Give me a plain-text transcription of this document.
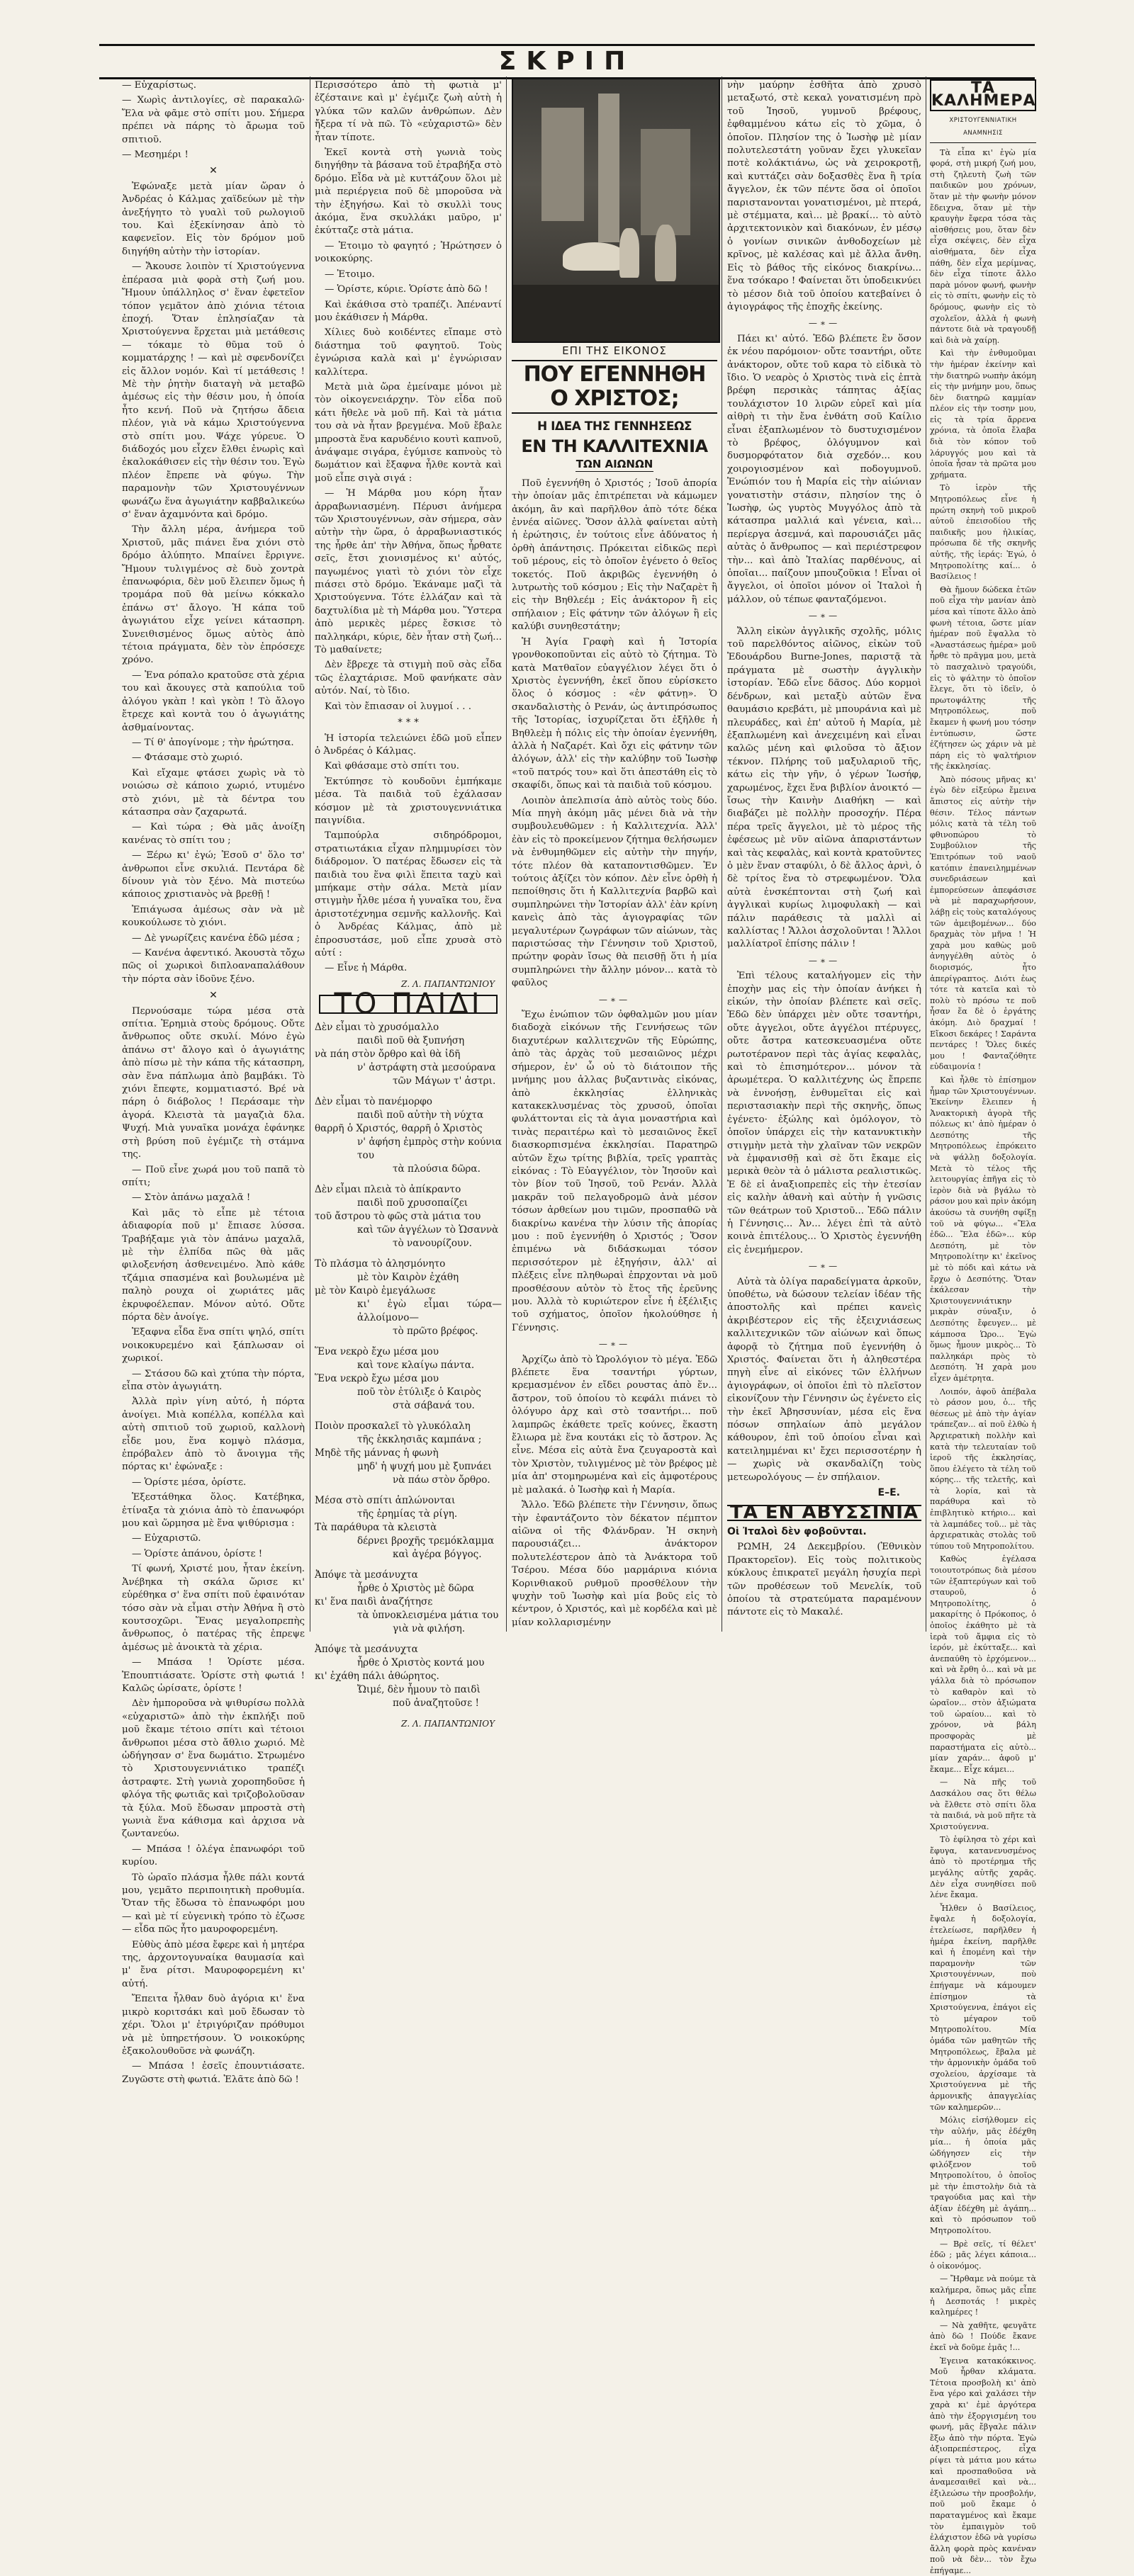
ΣΚΡΙΠ

— Εὐχαρίστως.

— Χωρὶς ἀντιλογίες, σὲ παρακαλῶ· Ἔλα νὰ φᾶμε στὸ σπίτι μου. Σήμερα πρέπει νὰ πάρης τὸ ἄρωμα τοῦ σπιτιοῦ.

— Μεσημέρι !

✕

Ἐφώναξε μετὰ μίαν ὥραν ὁ Ἀνδρέας ὁ Κάλμας χαϊδεύων μὲ τὴν ἀνεξήγητο τὸ γυαλὶ τοῦ ρωλογιοῦ του. Καὶ ἐξεκίνησαν ἀπὸ τὸ καφενεῖον. Εἰς τὸν δρόμον μοῦ διηγήθη αὐτὴν τὴν ἱστορίαν.

— Ἄκουσε λοιπὸν τί Χριστούγεννα ἐπέρασα μιὰ φορὰ στὴ ζωή μου. Ἤμουν ὑπάλληλος σ' ἕναν ἐφετεῖον τόπον γεμᾶτον ἀπὸ χιόνια τέτοια ἐποχή. Ὅταν ἐπλησίαζαν τὰ Χριστούγεννα ἔρχεται μιὰ μετάθεσις — τόκαμε τὸ θῦμα τοῦ ὁ κομματάρχης ! — καὶ μὲ σφενδονίζει εἰς ἄλλον νομόν. Καὶ τί μετάθεσις ! Μὲ τὴν ῥητὴν διαταγὴ νὰ μεταβῶ ἀμέσως εἰς τὴν θέσιν μου, ἡ ὁποία ἦτο κενή. Ποῦ νὰ ζητήσω ἄδεια πλέον, γιὰ νὰ κάμω Χριστούγεννα στὸ σπίτι μου. Ψάχε γύρευε. Ὁ διάδοχός μου εἶχεν ἔλθει ἐνωρὶς καὶ ἐκαλοκάθισεν εἰς τὴν θέσιν του. Ἐγὼ πλέον ἔπρεπε νὰ φύγω. Τὴν παραμονὴν τῶν Χριστουγέννων φωνάζω ἕνα ἀγωγιάτην καββαλικεύω σ' ἕναν ἀχαμνόντα καὶ δρόμο.

Τὴν ἄλλη μέρα, ἀνήμερα τοῦ Χριστοῦ, μᾶς πιάνει ἕνα χιόνι στὸ δρόμο ἀλύπητο. Μπαίνει ἔρριγνε. Ἤμουν τυλιγμένος σὲ δυὸ χοντρὰ ἐπανωφόρια, δὲν μοῦ ἔλειπεν ὅμως ἡ τρομάρα ποῦ θὰ μείνω κόκκαλο ἐπάνω στ' ἄλογο. Ἡ κάπα τοῦ ἀγωγιάτου εἶχε γείνει κάτασπρη. Συνειθισμένος ὅμως αὐτὸς ἀπὸ τέτοια πράγματα, δὲν τὸν ἐπρόσεχε χρόνο.

— Ἐνα ρόπαλο κρατοῦσε στὰ χέρια του καὶ ἄκουγες στὰ καπούλια τοῦ ἀλόγου γκὰπ ! καὶ γκὸπ ! Τὸ ἄλογο ἔτρεχε καὶ κοντὰ του ὁ ἀγωγιάτης ἀσθμαίνοντας.

— Τί θ' ἀπογίνομε ; τὴν ἠρώτησα.

— Φτάσαμε στὸ χωριό.

Καὶ εἴχαμε φτάσει χωρὶς νὰ τὸ νοιώσω σὲ κάποιο χωριό, ντυμένο στὸ χιόνι, μὲ τὰ δέντρα του κάτασπρα σὰν ζαχαρωτά.

— Καὶ τώρα ; Θὰ μᾶς ἀνοίξη κανένας τὸ σπίτι του ;

— Ξέρω κι' ἐγώ; Ἐσοῦ σ' ὅλο τσ' ἀνθρωποι εἶνε σκυλιά. Πεντάρα δὲ δίνουν γιὰ τὸν ξένο. Μὰ πιστεύω κάποιος χριστιανὸς νὰ βρεθῇ !

Ἐπιάγωσα ἀμέσως σὰν νὰ μὲ κουκούλωσε τὸ χιόνι.

— Δὲ γνωρίζεις κανένα ἐδῶ μέσα ;

— Κανένα ἀφεντικό. Ἀκουστὰ τὄχω πῶς οἱ χωρικοὶ διπλοαναπαλάθουν τὴν πόρτα σὰν ἰδοῦνε ξένο.

✕

Περνούσαμε τώρα μέσα στὰ σπίτια. Ἐρημιὰ στοὺς δρόμους. Οὔτε ἄνθρωπος οὔτε σκυλί. Μόνο ἐγὼ ἀπάνω στ' ἄλογο καὶ ὁ ἀγωγιάτης ἀπὸ πίσω μὲ τὴν κάπα τῆς κάτασπρη, σὰν ἕνα πάπλωμα ἀπὸ βαμβάκι. Τὸ χιόνι ἔπεφτε, κομματιαστό. Βρέ νὰ πάρη ὁ διάβολος ! Περάσαμε τὴν ἀγορά. Κλειστὰ τὰ μαγαζιὰ δλα. Ψυχή. Μιὰ γυναῖκα μονάχα ἐφάνηκε στὴ βρύση ποῦ ἐγέμιζε τὴ στάμνα της.

— Ποῦ εἶνε χωρά μου τοῦ παπᾶ τὸ σπίτι;

— Στὸν ἀπάνω μαχαλᾶ !

Καὶ μᾶς τὸ εἶπε μὲ τέτοια ἀδιαφορία ποῦ μ' ἔπιασε λύσσα. Τραβήξαμε γιὰ τὸν ἀπάνω μαχαλᾶ, μὲ τὴν ἐλπίδα πῶς θὰ μᾶς φιλοξενήση ἀσθενειμένο. Ἀπὸ κάθε τζάμια σπασμένα καὶ βουλωμένα μὲ παληὸ ρουχα οἱ χωριάτες μᾶς ἐκρυφοέλεπαν. Μόνον αὐτό. Οὔτε πόρτα δὲν ἀνοίγε.

Ἐξαφνα εἶδα ἕνα σπίτι ψηλό, σπίτι νοικοκυρεμένο καὶ ξάπλωσαν οἱ χωρικοί.

— Στάσου δῶ καὶ χτύπα τὴν πόρτα, εἶπα στὸν ἀγωγιάτη.

Ἀλλὰ πρὶν γίνη αὐτό, ἡ πόρτα ἀνοίγει. Μιὰ κοπέλλα, κοπέλλα καὶ αὐτὴ σπιτιοῦ τοῦ χωριοῦ, καλλονὴ εἶδε μου, ἕνα κομψὸ πλάσμα, ἐπρόβαλεν ἀπὸ τὸ ἄνοιγμα τῆς πόρτας κι' ἐφώναξε :

— Ὁρίστε μέσα, ὁρίστε.

Ἐξεστάθηκα ὅλος. Κατέβηκα, ἐτίναξα τὰ χιόνια ἀπὸ τὸ ἐπανωφόρι μου καὶ ὥρμησα μὲ ἕνα ψιθύρισμα :

— Εὐχαριστῶ.

— Ὁρίστε ἀπάνου, ὁρίστε !

Τί φωνή, Χριστέ μου, ἦταν ἐκείνη. Ἀνέβηκα τὴ σκάλα ὥρισε κι' εὑρέθηκα σ' ἕνα σπίτι ποῦ ἐφαινόταν τόσο σὰν νὰ εἶμαι στὴν Ἀθήνα ἢ στὸ κουτσοχῶρι. Ἕνας μεγαλοπρεπὴς ἄνθρωπος, ὁ πατέρας τῆς ἐπρεψε ἀμέσως μὲ ἀνοικτὰ τὰ χέρια.

— Μπάσα ! Ὁρίστε μέσα. Ἐπουπτιάσατε. Ὁρίστε στὴ φωτιά ! Καλῶς ὡρίσατε, ὁρίστε !

Δὲν ἠμποροῦσα νὰ ψιθυρίσω πολλὰ «εὐχαριστῶ» ἀπὸ τὴν ἐκπλήξι ποῦ μοῦ ἔκαμε τέτοιο σπίτι καὶ τέτοιοι ἄνθρωποι μέσα στὸ ἄθλιο χωριό. Μὲ ὡδήγησαν σ' ἕνα δωμάτιο. Στρωμένο τὸ Χριστουγεννιάτικο τραπέζι ἀστραφτε. Στὴ γωνιὰ χοροπηδοῦσε ἡ φλόγα τῆς φωτιᾶς καὶ τριζοβολοῦσαν τὰ ξύλα. Μοῦ ἔδωσαν μπροστὰ στὴ γωνιὰ ἕνα κάθισμα καὶ ἀρχισα νὰ ζωντανεύω.

— Μπάσα ! ὁλέγα ἐπανωφόρι τοῦ κυρίου.

Τὸ ὡραῖο πλάσμα ἦλθε πάλι κοντά μου, γεμᾶτο περιποιητικὴ προθυμία. Ὅταν τῆς ἔδωσα τὸ ἐπανωφόρι μου — καὶ μὲ τί εὐγενικὴ τρόπο τὸ ἐζωσε — εἶδα πῶς ἦτο μαυροφορεμένη.

Εὐθὺς ἀπὸ μέσα ἔφερε καὶ ἡ μητέρα της, ἀρχοντογυναίκα θαυμασία καὶ μ' ἔνα ρίτσι. Μαυροφορεμένη κι' αὐτή.

Ἔπειτα ἦλθαν δυὸ ἀγόρια κι' ἕνα μικρὸ κοριτσάκι καὶ μοῦ ἔδωσαν τὸ χέρι. Ὅλοι μ' ἐτριγύριζαν πρόθυμοι νὰ μὲ ὑπηρετήσουν. Ὁ νοικοκύρης ἐξακολουθοῦσε νὰ φωνάζη.

— Μπάσα ! ἐσεῖς ἐπουντιάσατε. Ζυγῶστε στὴ φωτιά. Ἐλᾶτε ἀπὸ δῶ !

Περισσότερο ἀπὸ τὴ φωτιὰ μ' ἐζέσταινε καὶ μ' ἐγέμιζε ζωὴ αὐτὴ ἡ γλύκα τῶν καλῶν ἀνθρώπων. Δὲν ἤξερα τί νὰ πῶ. Τὸ «εὐχαριστῶ» δὲν ἦταν τίποτε.

Ἐκεῖ κοντὰ στὴ γωνιὰ τοὺς διηγήθην τὰ βάσανα τοῦ ἐτραβήξα στὸ δρόμο. Εἶδα νὰ μὲ κυττάζουν ὅλοι μὲ μιὰ περιέργεια ποῦ δὲ μποροῦσα νὰ τὴν ἐξηγήσω. Καὶ τὸ σκυλλὶ τους ἀκόμα, ἕνα σκυλλάκι μαῦρο, μ' ἐκύτταζε στὰ μάτια.

— Ἐτοιμο τὸ φαγητό ; Ἠρώτησεν ὁ νοικοκύρης.

— Ἐτοιμο.

— Ὁρίστε, κύριε. Ὁρίστε ἀπὸ δῶ !

Καὶ ἐκάθισα στὸ τραπέζι. Ἀπέναντί μου ἐκάθισεν ἡ Μάρθα.

Χίλιες δυὸ κοιδέντες εἴπαμε στὸ διάστημα τοῦ φαγητοῦ. Τοὺς ἐγνώρισα καλὰ καὶ μ' ἐγνώρισαν καλλίτερα.

Μετὰ μιὰ ὥρα ἐμείναμε μόνοι μὲ τὸν οἰκογενειάρχην. Τὸν εἶδα ποῦ κάτι ἤθελε νὰ μοῦ πῆ. Καὶ τὰ μάτια του σὰ νὰ ἦταν βρεγμένα. Μοῦ ἔβαλε μπροστὰ ἕνα καρυδένιο κουτὶ καπνοῦ, ἀνάψαμε σιγάρα, ἐγύμισε καπνοὺς τὸ δωμάτιον καὶ ἔξαφνα ἦλθε κοντὰ καὶ μοῦ εἶπε σιγὰ σιγά :

— Ἡ Μάρθα μου κόρη ἦταν ἀρραβωνιασμένη. Πέρυσι ἀνήμερα τῶν Χριστουγέννων, σὰν σήμερα, σὰν αὐτὴν τὴν ὥρα, ὁ ἀρραβωνιαστικός της ἦρθε ἀπ' τὴν Ἀθήνα, ὅπως ἦρθατε σεῖς, ἔτσι χιονισμένος κι' αὐτός, παγωμένος γιατὶ τὸ χιόνι τὸν εἶχε πιάσει στὸ δρόμο. Ἐκάναμε μαζὶ τὰ Χριστούγεννα. Τότε ἐλλάζαν καὶ τὰ δαχτυλίδια μὲ τὴ Μάρθα μου. Ὕστερα ἀπὸ μερικὲς μέρες ἔσκισε τὸ παλληκάρι, κύριε, δὲν ἦταν στὴ ζωή... Τὸ μαθαίνετε;

Δὲν ἔβρεχε τὰ στιγμὴ ποῦ σὰς εἶδα τῶς ἐλαχτάρισε. Μοῦ φανήκατε σὰν αὐτόν. Ναί, τὸ ἴδιο.

Καὶ τὸν ἔπιασαν οἱ λυγμοί . . .

* * *

Ἡ ἱστορία τελειώνει ἐδῶ μοῦ εἶπεν ὁ Ἀνδρέας ὁ Κάλμας.

Καὶ φθάσαμε στὸ σπίτι του.

Ἐκτύπησε τὸ κουδοῦνι ἐμπήκαμε μέσα. Τὰ παιδιὰ τοῦ ἐχάλασαν κόσμον μὲ τὰ χριστουγεννιάτικα παιγνίδια.

Ταμπούρλα σιδηρόδρομοι, στρατιωτάκια εἶχαν πλημμυρίσει τὸν διάδρομον. Ὁ πατέρας ἔδωσεν εἰς τὰ παιδιὰ του ἕνα φιλὶ ἕπειτα ταχὺ καὶ μπήκαμε στὴν σάλα. Μετὰ μίαν στιγμὴν ἦλθε μέσα ἡ γυναῖκα του, ἕνα ἀριστοτέχνημα σεμνῆς καλλονῆς. Καὶ ὁ Ἀνδρέας Κάλμας, ἀπὸ μὲ ἐπροσυστάσε, μοῦ εἶπε χρυσὰ στὸ αὐτί :

— Εἶνε ἡ Μάρθα.

Ζ. Λ. ΠΑΠΑΝΤΩΝΙΟΥ
ΤΟ ΠΑΙΔΙ
Δὲν εἶμαι τὸ χρυσόμαλλο
παιδὶ ποῦ θὰ ξυπνήση
νὰ πάη στὸν ὄρθρο καὶ θὰ ἰδῆ
ν' ἀστράφτη στὰ μεσούρανα
τῶν Μάγων τ' ἀστρι.
Δὲν εἶμαι τὸ πανέμορφο
παιδὶ ποῦ αὐτὴν τὴ νύχτα
θαρρῆ ὁ Χριστός, θαρρῆ ὁ Χριστὸς
ν' ἀφήση ἐμπρὸς στὴν κούνια του
τὰ πλούσια δῶρα.
Δὲν εἶμαι πλειὰ τὸ ἀπίκραντο
παιδὶ ποῦ χρυσοπαίζει
τοῦ ἄστρου τὸ φῶς στὰ μάτια του
καὶ τῶν ἀγγέλων τὸ Ὡσαννὰ
τὸ νανουρίζουν.
Τὸ πλάσμα τὸ ἀλησμόνητο
μὲ τὸν Καιρὸν ἐχάθη
μὲ τὸν Καιρὸ ἐμεγάλωσε
κι' ἐγὼ εἶμαι τώρα—ἀλλοίμονο—
τὸ πρῶτο βρέφος.
Ἕνα νεκρὸ ἔχω μέσα μου
καὶ τονε κλαίγω πάντα.
Ἕνα νεκρὸ ἔχω μέσα μου
ποῦ τὸν ἐτύλιξε ὁ Καιρὸς
στὰ σάβανά του.
Ποιὸν προσκαλεῖ τὸ γλυκόλαλη
τῆς ἐκκλησιᾶς καμπάνα ;
Μηδὲ τῆς μάννας ἡ φωνὴ
μηδ' ἡ ψυχή μου μὲ ξυπνάει
νὰ πάω στὸν ὄρθρο.
Μέσα στὸ σπίτι ἁπλώνονται
τῆς ἐρημίας τὰ ρίγη.
Τὰ παράθυρα τὰ κλειστὰ
δέρνει βροχῆς τρεμόκλαμμα
καὶ ἀγέρα βόγγος.
Ἀπόψε τὰ μεσάνυχτα
ἦρθε ὁ Χριστὸς μὲ δῶρα
κι' ἕνα παιδὶ ἀναζήτησε
τὰ ὑπνοκλεισμένα μάτια του
γιὰ νὰ φιλήση.
Ἀπόψε τὰ μεσάνυχτα
ἦρθε ὁ Χριστὸς κοντά μου
κι' ἐχάθη πάλι ἀθώρητος.
Ὤιμέ, δὲν ἦμουν τὸ παιδὶ
ποῦ ἀναζητοῦσε !
Ζ. Λ. ΠΑΠΑΝΤΩΝΙΟΥ
ΕΠΙ ΤΗΣ ΕΙΚΟΝΟΣ
ΠΟΥ ΕΓΕΝΝΗΘΗ Ο ΧΡΙΣΤΟΣ;
Η ΙΔΕΑ ΤΗΣ ΓΕΝΝΗΣΕΩΣ
ΕΝ ΤΗ ΚΑΛΛΙΤΕΧΝΙΑ
ΤΩΝ ΑΙΩΝΩΝ

Ποῦ ἐγεννήθη ὁ Χριστός ; Ἰσοῦ ἀπορία τὴν ὁποίαν μᾶς ἐπιτρέπεται νὰ κάμωμεν ἀκόμη, ἂν καὶ παρῆλθον ἀπὸ τότε δέκα ἐννέα αἰῶνες. Ὅσον ἀλλὰ φαίνεται αὐτὴ ἡ ἐρώτησις, ἐν τούτοις εἶνε ἀδύνατος ἡ ὀρθὴ ἀπάντησις. Πρόκειται εἰδικῶς περὶ τοῦ μέρους, εἰς τὸ ὁποῖον ἐγένετο ὁ θεῖος τοκετός. Ποῦ ἀκριβῶς ἐγεννήθη ὁ λυτρωτὴς τοῦ κόσμου ; Εἰς τὴν Ναζαρὲτ ἢ εἰς τὴν Βηθλεέμ ; Εἰς ἀνάκτορον ἢ εἰς σπήλαιον ; Εἰς φάτνην τῶν ἀλόγων ἢ εἰς καλύβι συνηθεστάτην;

Ἡ Ἁγία Γραφὴ καὶ ἡ Ἱστορία γρονθοκοποῦνται εἰς αὐτὸ τὸ ζήτημα. Τὸ κατὰ Ματθαῖον εὐαγγέλιον λέγει ὅτι ὁ Χριστὸς ἐγεννήθη, ἐκεῖ ὅπου εὑρίσκετο ὅλος ὁ κόσμος : «ἐν φάτνῃ». Ὁ σκανδαλιστὴς ὁ Ρενάν, ὡς ἀντιπρόσωπος τῆς Ἱστορίας, ἰσχυρίζεται ὅτι ἐξῆλθε ἡ Βηθλεὲμ ἡ πόλις εἰς τὴν ὁποίαν ἐγεννήθη, ἀλλὰ ἡ Ναζαρέτ. Καὶ ὄχι εἰς φάτνην τῶν ἀλόγων, ἀλλ' εἰς τὴν καλύβην τοῦ Ἰωσὴφ «τοῦ πατρός του» καὶ ὅτι ἀπεστάθη εἰς τὸ σκαφίδι, ὅπως καὶ τὰ παιδιὰ τοῦ κόσμου.

Λοιπὸν ἀπελπισία ἀπὸ αὐτὸς τοὺς δύο. Μία πηγὴ ἀκόμη μᾶς μένει διὰ νὰ τὴν συμβουλευθῶμεν : ἡ Καλλιτεχνία. Ἀλλ' ἐὰν εἰς τὸ προκείμενον ζήτημα θελήσωμεν νὰ ἐνθυμηθῶμεν εἰς αὐτὴν τὴν πηγήν, τότε πλέον θὰ καταποντισθῶμεν. Ἐν τούτοις ἀξίζει τὸν κόπον. Δὲν εἶνε ὀρθὴ ἡ πεποίθησις ὅτι ἡ Καλλιτεχνία βαρβῶ καὶ συμπληρώνει τὴν Ἱστορίαν ἀλλ' ἐὰν κρίνη κανεὶς ἀπὸ τὰς ἀγιογραφίας τῶν μεγαλυτέρων ζωγράφων τῶν αἰώνων, τὰς παριστώσας τὴν Γέννησιν τοῦ Χριστοῦ, πρώτην φορὰν ἴσως θὰ πεισθῇ ὅτι ἡ μία συμπληρώνει τὴν ἄλλην μόνον... κατὰ τὸ φαῦλος

—∗—

Ἔχω ἐνώπιον τῶν ὀφθαλμῶν μου μίαν διαδοχὰ εἰκόνων τῆς Γεννήσεως τῶν διαχυτέρων καλλιτεχνῶν τῆς Εὐρώπης, ἀπὸ τὰς ἀρχὰς τοῦ μεσαιῶνος μέχρι σήμερον, ἐν' ὧ οὐ τὸ διάτοιπον τῆς μνήμης μου ἀλλας βυζαντινὰς εἰκόνας, ἀπὸ ἐκκλησίας ἑλληνικὰς κατακεκλυσμένας τὸς χρυσοῦ, ὁποῖαι φυλάττονται εἰς τὰ ἀγια μοναστήρια καὶ τινὰς περαιτέρω καὶ τὸ μεσαιῶνος ἔκεῖ διασκορπισμένα ἐκκλησίαι. Παρατηρῶ αὐτῶν ἔχω τρίτης βιβλία, τρεῖς γραπτὰς εἰκόνας : Τὸ Εὐαγγέλιον, τὸν Ἰησοῦν καὶ τὸν βίον τοῦ Ἰησοῦ, τοῦ Ρενάν. Ἀλλὰ μακρᾶν τοῦ πελαγοδρομῶ ἀνὰ μέσον τόσων ἀρθείων μου τιμῶν, προσπαθῶ νὰ διακρίνω κανένα τὴν λύσιν τῆς ἀπορίας μου : ποῦ ἐγεννήθη ὁ Χριστός ; Ὅσον ἐπιμένω νὰ διδάσκωμαι τόσον περισσότερον μὲ ἐξηγήσιν, ἀλλ' αἱ πλέξεις εἶνε πληθωραὶ ἐπρχονται νὰ μοῦ προσθέσουν αὐτὸν τὸ ἔτος τῆς ἐρεῦνης μου. Ἀλλὰ τὸ κυριώτερον εἶνε ἡ ἐξέλιξις τοῦ σχήματος, ὁποῖον ἠκολούθησε ἡ Γέννησις.

—∗—

Ἀρχίζω ἀπὸ τὸ Ὡρολόγιον τὸ μέγα. Ἐδῶ βλέπετε ἕνα τσαντήρι γύρτων, κρεμασμένον ἐν εἴδει ρουστας ἀπὸ ἕν... ἄστρον, τοῦ ὁποίου τὸ κεφάλι πιάνει τὸ ὁλόγυρο ἀρχ καὶ στὸ τσαντήρι... ποῦ λαμπρῶς ἐκάθετε τρεῖς κούνες, ἕκαστη ἔλιωρα μὲ ἕνα κουτάκι εἰς τὸ ἄστρον. Ἀς εἶνε. Μέσα εἰς αὐτὰ ἔνα ζευγαροστὰ καὶ τὸν Χριστὸν, τυλιγμένος μὲ τὸν βρέφος μὲ μία ἀπ' στομηρωμένα καὶ εἰς ἀμφοτέρους μὲ μαλακά. ὁ Ἰωσὴφ καὶ ἡ Μαρία.

Ἄλλο. Ἐδῶ βλέπετε τὴν Γέννησιν, ὅπως τὴν ἐφαντάζοντο τὸν δέκατον πέμπτον αἰῶνα οἱ τῆς Φλάνδραν. Ἡ σκηνὴ παρουσιάζει... ἀνάκτορον πολυτελέστερον ἀπὸ τὰ Ἀνάκτορα τοῦ Τσέρου. Μέσα δύο μαρμάρινα κιόνια Κορινθιακοῦ ρυθμοῦ προσθέλουν τὴν ψυχὴν τοῦ Ἰωσὴφ καὶ μία βοῦς εἰς τὸ κέντρον, ὁ Χριστός, καὶ μὲ κορδέλα καὶ μὲ μίαν κολλαρισμένην

νὴν μαύρην ἐσθῆτα ἀπὸ χρυσὸ μεταξωτό, στὲ κεκαλ γονατισμένη πρὸ τοῦ Ἰησοῦ, γυμνοῦ βρέφους, ἐφθαμμένου κάτω εἰς τὸ χῶμα, ὁ ὁποῖον. Πλησίον της ὁ Ἰωσὴφ μὲ μίαν πολυτελεστάτη γοῦναν ἔχει γλυκεῖαν ποτὲ κολάκτιάνω, ὡς νὰ χειροκροτῇ, καὶ κυττάζει σὰν δοξασθὲς ἕνα ἢ τρία ἄγγελον, ἐκ τῶν πέντε ὅσα οἱ ὁποῖοι παριστανονται γονατισμένοι, μὲ πτερά, μὲ στέμματα, καὶ... μὲ βρακί... τὸ αὐτὸ ἀρχιτεκτονικὸν καὶ διακόνων, ἐν μέσῳ ὁ γονίων σινικῶν ἀνθοδοχείων μὲ κρῖνος, μὲ καλέσας καὶ μὲ ἄλλα ἄνθη. Εἰς τὸ βάθος τῆς εἰκόνος διακρίνω... ἕνα τσόκαρο ! Φαίνεται ὅτι ὑποδεικνύει τὸ μέσον διὰ τοῦ ὁποίου κατεβαίνει ὁ ἀγιογράφος τῆς ἐποχῆς ἐκείνης.

—∗—

Πάει κι' αὐτό. Ἐδῶ βλέπετε ἓν ὅσον ἐκ νέου παρόμοιον· οὔτε τσαντήρι, οὔτε ἀνάκτορον, οὔτε τοῦ καρα τὸ εἰδικὰ τὸ ἴδιο. Ὁ νεαρὸς ὁ Χριστὸς τινὰ εἰς ἐπτὰ βρέφη περσικὰς τάπητας ἀξίας τουλάχιστον 10 λιρῶν εὐρεῖ καὶ μία αἰθρὴ τι τὴν ἔνα ἐνθάτη σοῦ Καίλιο εἶναι ἐξαπλωμένον τὸ δυστυχισμένον τὸ βρέφος, ὁλόγυμνον καὶ δυσμορφότατον διὰ σχεδόν... κου χοιρογιοσμένον καὶ ποδογυμνοῦ. Ἐνώπιόν του ἡ Μαρία εἰς τὴν αἰώνιαν γονατιστὴν στάσιν, πλησίον της ὁ Ἰωσὴφ, ὡς γυρτὸς Μυγγόλος ἀπὸ τὰ κάτασπρα μαλλιά καὶ γένεια, καὶ... περίεργα ἀσεμνά, καὶ παρουσιάζει μᾶς αὐτὰς ὁ ἄνθρωπος — καὶ περιέστρεφον τὴν... καὶ ἀπὸ Ἰταλίας παρθένους, αἱ ὁποῖαι... παίζουν μπουζοῦκια ! Εἶναι οἱ ἄγγελοι, οἱ ὁποῖοι μόνον οἱ Ἰταλοὶ ἡ μάλλον, οὐ τέπωε φανταζόμενοι.

—∗—

Ἄλλη εἰκὼν ἀγγλικῆς σχολῆς, μόλις τοῦ παρελθόντος αἰῶνος, εἰκὼν τοῦ Ἐδουάρδου Burne-Jones, παριστᾷ τὰ πράγματα μὲ σωστὴν ἀγγλικὴν ἱστορίαν. Ἐδῶ εἶνε δᾶσος. Δύο κορμοὶ δένδρων, καὶ μεταξὺ αὐτῶν ἕνα θαυμάσιο κρεβάτι, μὲ μπουράνια καὶ μὲ πλευράδες, καὶ ἐπ' αὐτοῦ ἡ Μαρία, μὲ ἐξαπλωμένη καὶ ἀνεχειμένη καὶ εἶναι καλῶς μένη καὶ φιλοῦσα τὸ ἄξιον τέκνον. Πλήρης τοῦ μαξυλαριοῦ τῆς, κάτω εἰς τὴν γῆν, ὁ γέρων Ἰωσήφ, χαρωμένος, ἔχει ἕνα βιβλίον ἀνοικτό — ἴσως τὴν Καινὴν Διαθήκη — καὶ διαβάζει μὲ πολλὴν προσοχήν. Πέρα πέρα τρεῖς ἄγγελοι, μὲ τὸ μέρος τῆς ἐφέσεως μὲ νῦν αἰῶνα ἀπαριστάντων καὶ τὰς κεφαλὰς, καὶ κοντὰ κρατοῦντες ὁ μὲν ἕναν σταφύλι, ὁ δὲ ἄλλος ἀρνὶ, ὁ δὲ τρίτος ἕνα τὸ στρεφωμένον. Ὅλα αὐτὰ ἐνσκέπτονται στὴ ζωή καὶ ἀγγλικαὶ κυρίως λιμοφυλακὴ — καὶ πάλιν παράθεσις τὰ μαλλὶ αἱ καλλίστας ! Ἄλλοι ἀσχολοῦνται ! Ἄλλοι μαλλίατροῖ ἐπίσης πάλιν !

—∗—

Ἐπὶ τέλους καταλήγομεν εἰς τὴν ἐποχὴν μας εἰς τὴν ὁποίαν ἀνήκει ἡ εἰκών, τὴν ὁποίαν βλέπετε καὶ σεῖς. Ἐδῶ δὲν ὑπάρχει μὲν οὔτε τσαντήρι, οὔτε ἀγγελοι, οὔτε ἀγγέλοι πτέρυγες, οὔτε ἄστρα κατεσκευασμένα οὔτε ρωτοτέρανον περὶ τὰς ἁγίας κεφαλὰς, καὶ τὸ ἐπισημότερον... μόνον τὰ ἀρωμέτερα. Ὁ καλλιτέχνης ὡς ἔπρεπε νὰ ἐννοήσῃ, ἐνθυμεῖται εἰς καὶ περιστασιακὴν περὶ τῆς σκηνῆς, ὅπως ἐγένετο· ἐξώλης καὶ ὁμόλογον, τὸ ὁποῖον ὑπάρχει εἰς τὴν κατανυκτικὴν στιγμὴν μετὰ τὴν χλαῖναν τῶν νεκρῶν νὰ ἐμφανισθῇ καὶ σὲ ὅτι ἔκαμε εἰς μερικὰ θεὸν τὰ ὁ μάλιστα ρεαλιστικῶς. Ἐ δὲ εἰ ἀναξιοπρεπὲς εἰς τὴν ἐτεσίαν εἰς καλὴν ἀθανὴ καὶ αὐτὴν ἡ γνῶσις τῶν θεάτρων τοῦ Χριστοῦ... Ἐδῶ πάλιν ἡ Γέννησις... Ἀν... λέγει ἐπὶ τὰ αὐτὸ κοινὰ ἐπιτέλους... Ὁ Χριστὸς ἐγεννήθη εἰς ἐνεμήμερον.

—∗—

Αὐτὰ τὰ ὀλίγα παραδείγματα ἀρκοῦν, ὑποθέτω, νὰ δώσουν τελείαν ἰδέαν τῆς ἀποστολῆς καὶ πρέπει κανεὶς ἀκριβέστερον εἰς τῆς ἐξειχνιάσεως καλλιτεχνικῶν τῶν αἰώνων καὶ ὅπως ἀφορᾷ τὸ ζήτημα ποῦ ἐγεννήθη ὁ Χριστός. Φαίνεται ὅτι ἡ ἀληθεστέρα πηγὴ εἶνε αἱ εἰκόνες τῶν ἑλλήνων ἀγιογράφων, οἱ ὁποῖοι ἐπὶ τὸ πλεῖστον εἰκονίζουν τὴν Γέννησιν ὡς ἐγένετο εἰς τὴν ἐκεῖ Ἀβησσυνίαν, μέσα εἰς ἕνα πόσων σπηλαίων ἀπὸ μεγάλον κάθουρον, ἐπὶ τοῦ ὁποίου εἶναι καὶ κατειλημμέναι κι' ἔχει περισσοτέρην ἡ— χωρὶς νὰ σκανδαλίζη τοὺς μετεωρολόγους — ἐν σπήλαιον.

Ε–Ε.
ΤΑ ΕΝ ΑΒΥΣΣΙΝΙΑ

Οἱ Ἰταλοὶ δὲν φοβοῦνται.

ΡΩΜΗ, 24 Δεκεμβρίου. (Ἐθνικὸν Πρακτορεῖον). Εἰς τοὺς πολιτικοὺς κύκλους ἐπικρατεῖ μεγάλη ἡσυχία περὶ τῶν προθέσεων τοῦ Μενελίκ, τοῦ ὁποίου τὰ στρατεύματα παραμένουν πάντοτε εἰς τὸ Μακαλέ.

ΤΑ ΚΑΛΗΜΕΡΑ
ΧΡΙΣΤΟΥΓΕΝΝΙΑΤΙΚΗ ΑΝΑΜΝΗΣΙΣ

Τὰ εἶπα κι' ἐγὼ μία φορά, στὴ μικρή ζωή μου, στὴ ζηλευτὴ ζωὴ τῶν παιδικῶν μου χρόνων, ὅταν μὲ τὴν φωνὴν μόνον ἔδειχνα, ὅταν μὲ τὴν κραυγὴν ἔφερα τόσα τὰς αἰσθήσεις μου, ὅταν δὲν εἶχα σκέψεις, δὲν εἶχα αἰσθήματα, δὲν εἶχα πάθη, δὲν εἶχα μερίμνας, δὲν εἶχα τίποτε ἄλλο παρὰ μόνον φωνή, φωνὴν εἰς τὸ σπίτι, φωνὴν εἰς τὸ δρόμους, φωνὴν εἰς τὸ σχολεῖον, ἀλλὰ ἡ φωνὴ πάντοτε διὰ νὰ τραγουδῇ καὶ διὰ νὰ χαίρῃ.

Καὶ τὴν ἐνθυμοῦμαι τὴν ἡμέραν ἐκείνην καὶ τὴν διατηρῶ νωπὴν ἀκόμη εἰς τὴν μνήμην μου, ὅπως δὲν διατηρῶ καμμίαν πλέον εἰς τὴν τοσην μου, εἰς τὰ τρία ἄρρενα χρόνια, τὰ ὁποῖα ἔλαβα διὰ τὸν κόπον τοῦ λάρυγγός μου καὶ τὰ ὁποῖα ἦσαν τὰ πρῶτα μου χρήματα.

Τὸ ἱερὸν τῆς Μητροπόλεως εἶνε ἡ πρώτη σκηνὴ τοῦ μικροῦ αὐτοῦ ἐπεισοδίου τῆς παιδικῆς μου ἡλικίας, πρόσωπα δὲ τῆς σκηνῆς αὐτῆς, τῆς ἱεράς: Ἐγώ, ὁ Μητροπολίτης καί... ὁ Βασίλειος !

Θὰ ἤμουν δώδεκα ἐτῶν ποῦ εἶχα τὴν μανίαν ἀπὸ μέσα καὶ τίποτε ἄλλο ἀπὸ φωνὴ τέτοια, ὥστε μίαν ἡμέραν ποῦ ἔψαλλα τὸ «Ἀναστάσεως ἡμέρα» μοῦ ἦρθε τὸ πρᾶγμα μου, μετὰ τὸ πασχαλινὸ τραγούδι, εἰς τὸ ψάλτην τὸ ὁποῖον ἔλεγε, ὅτι τὸ ἰδεῖν, ὁ πρωτοψάλτης τῆς Μητροπόλεως, ποῦ ἔκαμεν ἡ φωνή μου τόσην ἐντύπωσιν, ὥστε ἐζήτησεν ὡς χάριν νὰ μὲ πάρη εἰς τὸ ψαλτήριον τῆς ἐκκλησίας.

Ἀπὸ πόσους μῆνας κι' ἐγὼ δὲν εἰξεύρω ἔμεινα ἄπιστος εἰς αὐτὴν τὴν θέσιν. Τέλος πάντων μόλις κατὰ τὰ τέλη τοῦ φθινοπώρου τὸ Συμβούλιον τῆς Ἐπιτρόπων τοῦ ναοῦ κατόπιν ἐπανειλημμένων συνεδριάσεων καὶ ἐμπορεύσεων ἀπεφάσισε νὰ μὲ παραχωρήσουν, λάβῃ εἰς τοὺς καταλόγους τῶν ἀμειβομένων... δύο δραχμὰς τὸν μῆνα ! Ἡ χαρὰ μου καθὼς μοῦ ἀνηγγέλθη αὐτὸς ὁ διορισμός, ἦτο ἀπερίγραπτος. Διότι ἐως τότε τὰ κατεῖα καὶ τὸ πολὺ τὸ πρόσω τε ποῦ ἦσαν ἕα δὲ ὁ ἐργάτης ἀκόμη. Διὸ δραχμαί ! Εἴκοσι δεκάρες ! Σαράντα πεντάρες ! Ὅλες δικές μου ! Φανταζόθητε εὐδαιμονία !

Καὶ ἦλθε τὸ ἐπίσημον ἦμαρ τῶν Χριστουγέννων. Ἐκείνην ἔλειπεν ἡ Ἀνακτορικὴ ἀγορὰ τῆς πόλεως κι' ἀπὸ ἡμέραν ὁ Δεσπότης τῆς Μητροπόλεως ἐπρόκειτο νὰ ψάλλῃ δοξολογία. Μετὰ τὸ τέλος τῆς λειτουργίας ἐπῆγα εἰς τὸ ἱερὸν διὰ νὰ βγάλω τὸ ράσον μου καὶ πρὶν ἀκόμη ἀκούσω τὰ συνήθη σφίξῃ τοῦ νὰ φύγω... «Ἔλα ἐδῶ... Ἔλα ἐδῶ»... κύρ Δεσπότη, μὲ τὸν Μητροπολίτην κι' ἐκεῖνος μὲ τὸ πόδι καὶ κάτω νὰ ἔρχω ὁ Δεσπότης. Ὅταν ἐκάλεσαν τὴν Χριστουγεννιάτικην μικρὰν σύναξιν, ὁ Δεσπότης ἔφευγεν... μὲ κάμποσα Ὡρο... Ἐγὼ ὅμως ἦμουν μικρὸς... Τὸ παλληκάρι πρὸς τὸ Δεσπότη. Ἡ χαρὰ μου εἶχεν ἀμέτρητα.

Λοιπόν, ἀφοῦ ἀπέβαλα τὸ ράσον μου, ὁ... τῆς θέσεως μὲ ἀπὸ τὴν ἀγίαν τράπεζαν... αἱ ποῦ ἐλθὼ ἡ Ἀρχιερατικὴ πολλὴν καὶ κατὰ τὴν τελευταίαν τοῦ ἱεροῦ τῆς ἐκκλησίας, ὅπου ἐλέγετο τὰ τέλη τοῦ κόρης... τῆς τελετῆς, καὶ τὰ λορία, καὶ τὰ παράθυρα καὶ τὸ ἐπιβλητικὸ κτήριο... καὶ τὰ λαμπάδες τοῦ... μὲ τὰς ἀρχιερατικὰς στολὰς τοῦ τύπου τοῦ Μητροπολίτου.

Καθὼς ἐγέλασα τοιουτοτρόπως διὰ μέσου τῶν ἐξαπτερύγων καὶ τοῦ σταυροῦ, ὁ Μητροπολίτης, ὁ μακαρίτης ὁ Πρόκοπος, ὁ ὁποῖος ἐκάθητο μὲ τὰ ἱερὰ τοῦ ἄμφια εἰς τὸ ἱερόν, μὲ ἐκύτταξε... καὶ ἀνεπαύθη τὸ ἐρχόμενον... καὶ νὰ ἔρθη ὁ... καὶ νὰ με γάλλα διὰ τὸ πρόσωπον τὸ καθαρὸν καὶ τὸ ὡραῖον... στὸν ἀξιώματα τοῦ ὡραίου... καὶ τὸ χρόνον, νὰ βάλη προσφορὰς μὲ παραστήματα εἰς αὐτὸ... μίαν χαράν... ἀφοῦ μ' ἔκαμε... Εἶχε κάμει...

— Νὰ πῆς τοῦ Δασκάλου σας ὅτι θέλω νὰ ἔλθετε στὸ σπίτι ὅλα τὰ παιδιά, νὰ μοῦ πῆτε τὰ Χριστούγεννα.

Τὸ ἐφίλησα τὸ χέρι καὶ ἔφυγα, κατανενυσμένος ἀπὸ τὸ προτέρημα τῆς μεγάλης αὐτῆς χαρᾶς. Δὲν εἶχα συνηθίσει ποῦ λένε ἔκαμα.

Ἦλθεν ὁ Βασίλειος, ἔψαλε ἡ δοξολογία, ἐτελείωσε, παρῆλθεν ἡ ἡμέρα ἐκείνη, παρῆλθε καὶ ἡ ἑπομένη καὶ τὴν παραμονὴν τῶν Χριστουγέννων, ποὺ ἐπήγαμε νὰ κάμουμεν ἐπίσημον τὰ Χριστούγεννα, ἐπάγοι εἰς τὸ μέγαρον τοῦ Μητροπολίτου. Μία ὁμάδα τῶν μαθητῶν τῆς Μητροπόλεως, ἔβαλα μὲ τὴν ἀρμονικὴν ὁμάδα τοῦ σχολείου, ἀρχίσαμε τὰ Χριστούγεννα μὲ τῆς ἀρμονικῆς ἀπαγγελίας τῶν καλημερῶν...

Μόλις εἰσήλθομεν εἰς τὴν αὐλήν, μᾶς ἐδέχθη μία... ἡ ὁποία μᾶς ὡδήγησεν εἰς τὴν φιλόξενον τοῦ Μητροπολίτου, ὁ ὁποῖος μὲ τὴν ἐπιστολὴν διὰ τὰ τραγούδια μας καὶ τὴν ἀξίαν ἐδέχθη μὲ ἀγάπη... καὶ τὸ πρόσωπον τοῦ Μητροπολίτου.

— Βρὲ σεῖς, τί θέλετ' ἐδῶ ; μᾶς λέγει κάποια... ὁ οἰκονόμος.

— Ἤρθαμε νὰ πούμε τὰ καλήμερα, ὅπως μᾶς εἶπε ἡ Δεσποτάς ! μικρὲς καλημέρες !

— Νὰ χαθῆτε, φευγᾶτε ἀπὸ δῶ ! Πούδε ἔκανε ἐκεῖ νὰ δοῦμε ἐμᾶς !...

Ἐγεινα κατακόκκινος. Μοῦ ἦρθαν κλάματα. Τέτοια προσβολὴ κι' ἀπὸ ἕνα γέρο καὶ χαλάσει τὴν χαρὰ κι' ἐμὲ ἀργότερα ἀπὸ τὴν ἐξοργισμένη του φωνή, μᾶς ἔβγαλε πάλιν ἔξω ἀπὸ τὴν πόρτα. Ἐγὼ ἀξιοπρεπέστερος, εἶχα ρίψει τὰ μάτια μου κάτω καὶ προσπαθοῦσα νὰ ἀναμεσαιθεῖ καὶ νὰ... ἐξιλεώσω τὴν προσβολήν, ποῦ μοῦ ἔκαμε ὁ παραταγμένος καὶ ἔκαμε τὸν ἐμπαιγμὸν τοῦ ἐλάχιστον ἐδῶ νὰ γυρίσω ἄλλη φορὰ πρὸς κανέναν ποῦ νὰ δὲν... τὸν ἔχω ἐπήγαμε...
